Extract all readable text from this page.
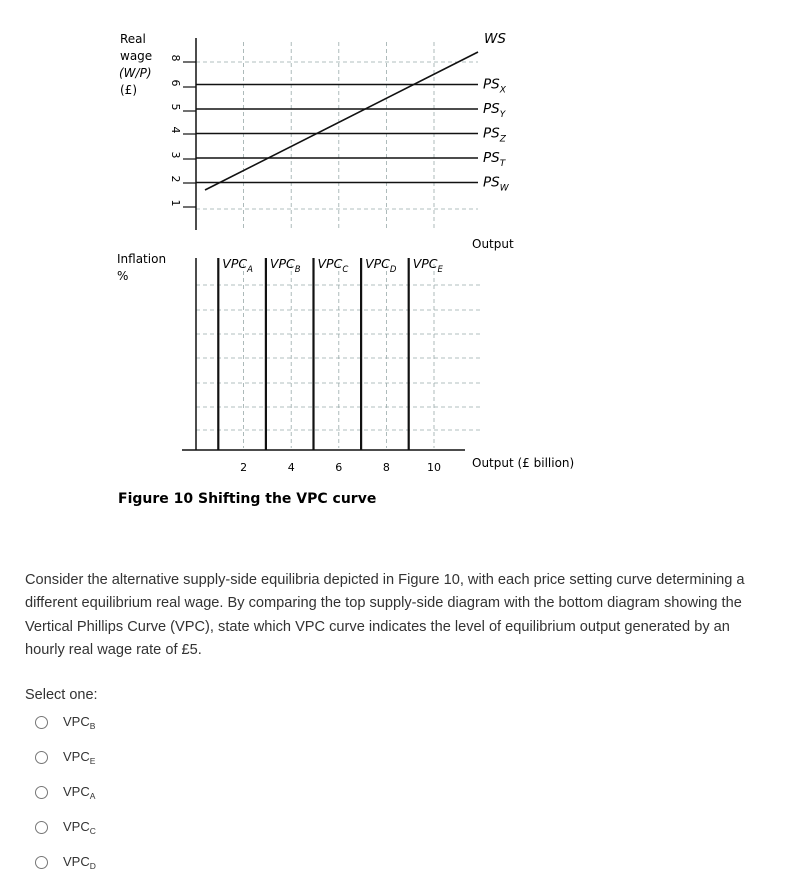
Real
wage
(W/P)
(£)
8
6
5
4
3
2
1
$PS_X$
$PS_Y$
$PS_Z$
$PS_T$
$PS_W$
WS
Output
Inflation
%
$VPC_A$ $VPC_B$ $VPC_C$ $VPC_D$ $VPC_E$
2	4	6	8	10	Output (£ billion)
Figure 10 Shifting the VPC curve
Consider the alternative supply-side equilibria depicted in Figure 10, with each price setting curve determining a different equilibrium real wage. By comparing the top supply-side diagram with the bottom diagram showing the Vertical Phillips Curve (VPC), state which VPC curve indicates the level of equilibrium output generated by an hourly real wage rate of £5.
Select one:
$VPC_B$
$VPC_E$
$VPC_A$
$VPC_C$
$VPC_D$
